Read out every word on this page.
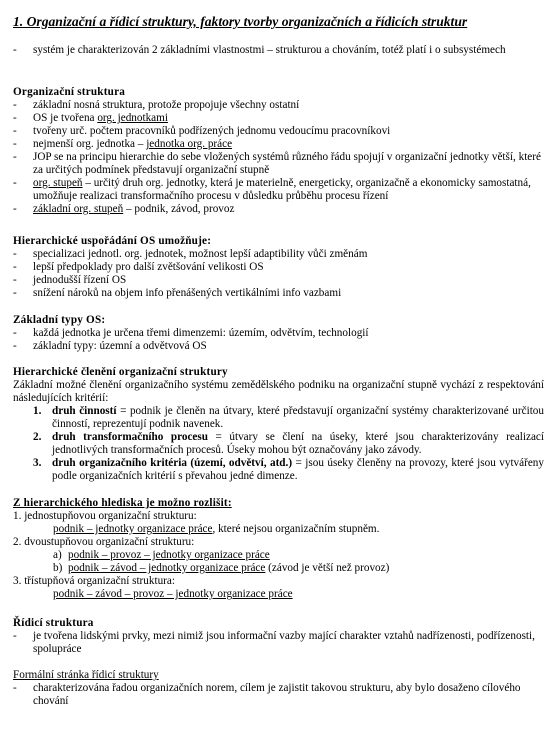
1. Organizační a řídicí struktury, faktory tvorby organizačních a řídicích struktur
- systém je charakterizován 2 základními vlastnostmi – strukturou a chováním, totéž platí i o subsystémech
Organizační struktura
- základní nosná struktura, protože propojuje všechny ostatní
- OS je tvořena org. jednotkami
- tvořeny urč. počtem pracovníků podřízených jednomu vedoucímu pracovníkovi
- nejmenší org. jednotka – jednotka org. práce
- JOP se na principu hierarchie do sebe vložených systémů různého řádu spojují v organizační jednotky větší, které za určitých podmínek představují organizační stupně
- org. stupeň – určitý druh org. jednotky, která je materielně, energeticky, organizačně a ekonomicky samostatná, umožňuje realizaci transformačního procesu v důsledku průběhu procesu řízení
- základní org. stupeň – podnik, závod, provoz
Hierarchické uspořádání OS umožňuje:
- specializaci jednotl. org. jednotek, možnost lepší adaptibility vůči změnám
- lepší předpoklady pro další zvětšování velikosti OS
- jednodušší řízení OS
- snížení nároků na objem info přenášených vertikálními info vazbami
Základní typy OS:
- každá jednotka je určena třemi dimenzemi: územím, odvětvím, technologií
- základní typy: územní a odvětvová OS
Hierarchické členění organizační struktury
Základní možné členění organizačního systému zemědělského podniku na organizační stupně vychází z respektování následujících kritérií:
1. druh činností = podnik je členěn na útvary, které představují organizační systémy charakterizované určitou činností, reprezentují podnik navenek.
2. druh transformačního procesu = útvary se člení na úseky, které jsou charakterizovány realizací jednotlivých transformačních procesů. Úseky mohou být označovány jako závody.
3. druh organizačního kritéria (území, odvětví, atd.) = jsou úseky členěny na provozy, které jsou vytvářeny podle organizačních kritérií s převahou jedné dimenze.
Z hierarchického hlediska je možno rozlišit:
1. jednostupňovou organizační strukturu:
podnik – jednotky organizace práce, které nejsou organizačním stupněm.
2. dvoustupňovou organizační strukturu:
a) podnik – provoz – jednotky organizace práce
b) podnik – závod – jednotky organizace práce (závod je větší než provoz)
3. třístupňová organizační struktura:
podnik – závod – provoz – jednotky organizace práce
Řídicí struktura
- je tvořena lidskými prvky, mezi nimiž jsou informační vazby mající charakter vztahů nadřízenosti, podřízenosti, spolupráce
Formální stránka řídicí struktury
- charakterizována řadou organizačních norem, cílem je zajistit takovou strukturu, aby bylo dosaženo cílového chování
